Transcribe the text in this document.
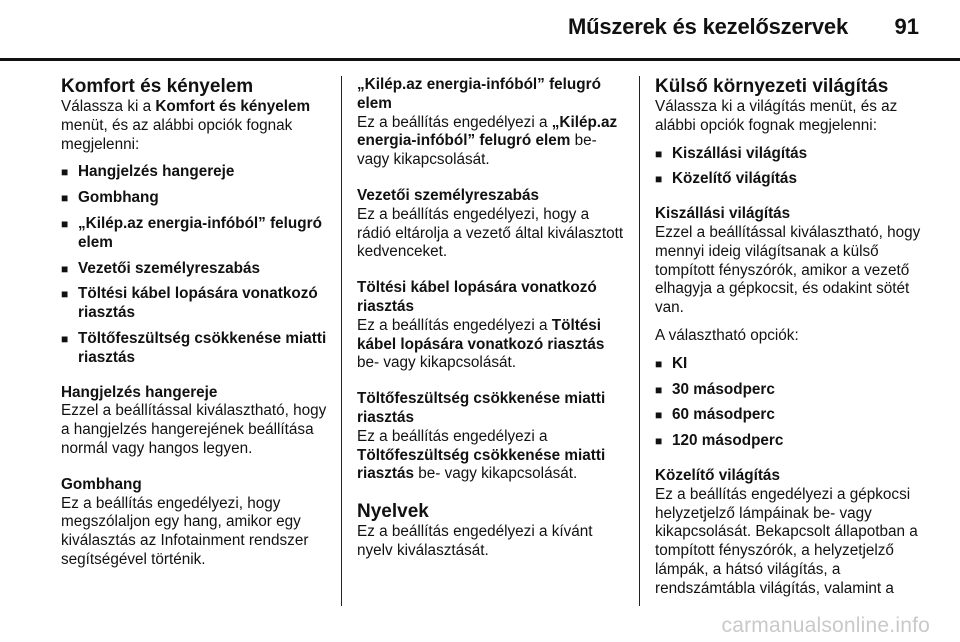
Műszerek és kezelőszervek 91

Komfort és kényelem

Válassza ki a Komfort és kényelem menüt, és az alábbi opciók fognak megjelenni:

■ Hangjelzés hangereje
■ Gombhang
■ „Kilép.az energia-infóból” felugró elem
■ Vezetői személyreszabás
■ Töltési kábel lopására vonatkozó riasztás
■ Töltőfeszültség csökkenése miatti riasztás

Hangjelzés hangereje

Ezzel a beállítással kiválasztható, hogy a hangjelzés hangerejének beállítása normál vagy hangos legyen.

Gombhang

Ez a beállítás engedélyezi, hogy megszólaljon egy hang, amikor egy kiválasztás az Infotainment rendszer segítségével történik.

„Kilép.az energia-infóból” felugró elem

Ez a beállítás engedélyezi a „Kilép.az energia-infóból” felugró elem be- vagy kikapcsolását.

Vezetői személyreszabás

Ez a beállítás engedélyezi, hogy a rádió eltárolja a vezető által kiválasztott kedvenceket.

Töltési kábel lopására vonatkozó riasztás

Ez a beállítás engedélyezi a Töltési kábel lopására vonatkozó riasztás be- vagy kikapcsolását.

Töltőfeszültség csökkenése miatti riasztás

Ez a beállítás engedélyezi a Töltőfeszültség csökkenése miatti riasztás be- vagy kikapcsolását.

Nyelvek

Ez a beállítás engedélyezi a kívánt nyelv kiválasztását.

Külső környezeti világítás

Válassza ki a világítás menüt, és az alábbi opciók fognak megjelenni:

■ Kiszállási világítás
■ Közelítő világítás

Kiszállási világítás

Ezzel a beállítással kiválasztható, hogy mennyi ideig világítsanak a külső tompított fényszórók, amikor a vezető elhagyja a gépkocsit, és odakint sötét van.

A választható opciók:

■ KI
■ 30 másodperc
■ 60 másodperc
■ 120 másodperc

Közelítő világítás

Ez a beállítás engedélyezi a gépkocsi helyzetjelző lámpáinak be- vagy kikapcsolását. Bekapcsolt állapotban a tompított fényszórók, a helyzetjelző lámpák, a hátsó világítás, a rendszámtábla világítás, valamint a

carmanualsonline.info
